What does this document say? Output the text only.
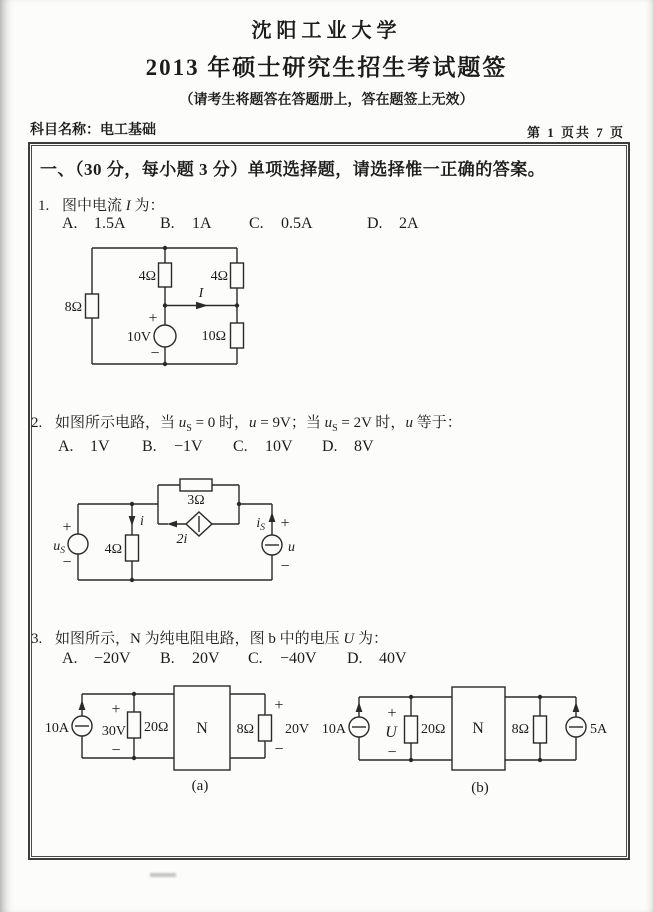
沈阳工业大学
2013 年硕士研究生招生考试题签
（请考生将题答在答题册上，答在题签上无效）
科目名称：电工基础	第 1 页共 7 页
一、（30 分，每小题 3 分）单项选择题，请选择惟一正确的答案。
1. 图中电流 I 为：
A. 1.5A B.	1A C.	0.5A	D. 2A
8Ω
4Ω	4Ω
10Ω
+
−
10V
I
2. 如图所示电路，当 $u_S = 0$ 时，u = 9V；当 $u_S = 2V$ 时，u 等于：
A. 1V B.	−1V C.	10V D. 8V
+
−
$u_S$	4Ω
i
3Ω
2i
$i_S$ +
u
−
3. 如图所示，N 为纯电阻电路，图 b 中的电压 U 为：
A. −20V B.	20V C.	−40V D. 40V
10A
+
30V
−
20Ω N 8Ω
+
20V
−
(a)
10A
+
U
−
20Ω N 8Ω	5A
(b)
